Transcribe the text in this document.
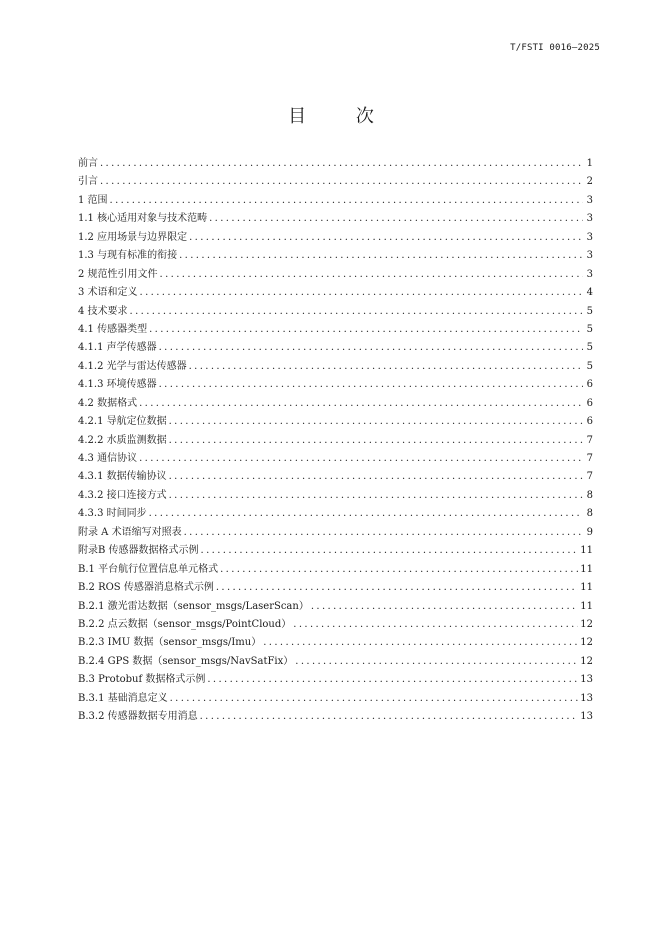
T/FSTI 0016—2025
目 次
前言 . . .	1
引言 . . .	2
1 范围 . . .	3
1.1 核心适用对象与技术范畴 . . .	3
1.2 应用场景与边界限定 . . .	3
1.3 与现有标准的衔接 . . .	3
2 规范性引用文件 . . .	3
3 术语和定义 . . .	4
4 技术要求 . . .	5
4.1 传感器类型 . . .	5
4.1.1 声学传感器 . . .	5
4.1.2 光学与雷达传感器 . . .	5
4.1.3 环境传感器 . . .	6
4.2 数据格式 . . .	6
4.2.1 导航定位数据 . . .	6
4.2.2 水质监测数据 . . .	7
4.3 通信协议 . . .	7
4.3.1 数据传输协议 . . .	7
4.3.2 接口连接方式 . . .	8
4.3.3 时间同步 . . .	8
附录 A 术语缩写对照表 . . .	9
附录B 传感器数据格式示例 . . .	11
B.1 平台航行位置信息单元格式 . . .	11
B.2 ROS 传感器消息格式示例 . . .	11
B.2.1 激光雷达数据（sensor_msgs/LaserScan） . . .	11
B.2.2 点云数据（sensor_msgs/PointCloud） . . .	12
B.2.3 IMU 数据（sensor_msgs/Imu） . . .	12
B.2.4 GPS 数据（sensor_msgs/NavSatFix） . . .	12
B.3 Protobuf 数据格式示例 . . .	13
B.3.1 基础消息定义 . . .	13
B.3.2 传感器数据专用消息 . . .	13
